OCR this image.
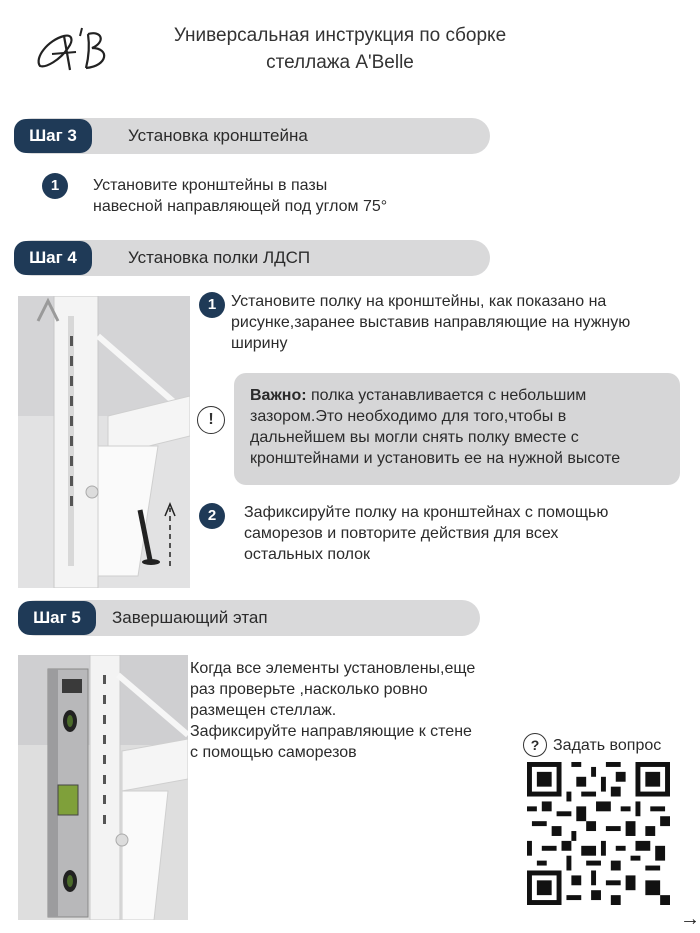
Универсальная инструкция по сборке
стеллажа A'Belle
Шаг 3	Установка кронштейна
1	Установите кронштейны в пазы
навесной направляющей под углом 75°
Шаг 4	Установка полки ЛДСП
1 Установите полку на кронштейны, как показано на
рисунке,заранее выставив направляющие на нужную
ширину
!
Важно: полка устанавливается с небольшим
зазором.Это необходимо для того,чтобы в
дальнейшем вы могли снять полку вместе с
кронштейнами и установить ее на нужной высоте
2	Зафиксируйте полку на кронштейнах с помощью
саморезов и повторите действия для всех
остальных полок
Шаг 5	Завершающий этап
Когда все элементы установлены,еще
раз проверьте ,насколько ровно
размещен стеллаж.
Зафиксируйте направляющие к стене
с помощью саморезов	? Задать вопрос
→
